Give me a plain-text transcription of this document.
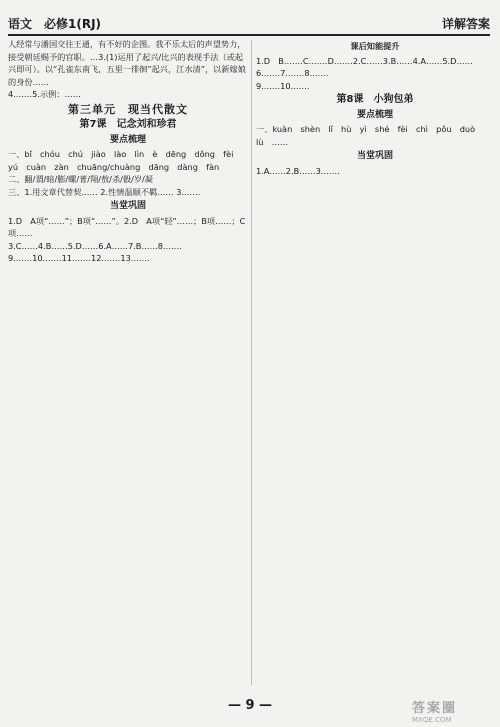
语文　必修1(RJ)	详解答案

人经常与潘国交往王通，有不好的企图。我不乐太后的声望势力，接受朝廷赐予的官职。…3.(1)运用了起兴/比兴的表现手法（或起兴即可）。以“孔雀东南飞，五里一徘徊”起兴，江水清”，以新嫁娘的身份……

4.……5.示例：……

第三单元　现当代散文
第7课　记念刘和珍君
要点梳理

一、bǐ　chóu　chú　jiào　lào　lìn　è　dēng　dǒng　fèi　yú　cuàn　zàn　chuāng/chuàng　dāng　dàng　fàn

二、翻/谓/暗/膨/螺/菁/翔/敖/杀/骰/岁/凝

三、1.用文章代替契…… 2.性情温顺不羁…… 3.……

当堂巩固

1.D　A项“……”；B项“……”。2.D　A项“轻”……；B项……；C项……

3.C……4.B……5.D……6.A……7.B……8.……

9.……10.……11.……12.……13.……

课后知能提升

1.D　B.……C.……D.……2.C……3.B……4.A……5.D……

6.……7.……8.……

9.……10.……

第8课　小狗包弟
要点梳理

一、kuàn　shèn　lǐ　hù　yì　shé　fèi　chì　pǒu　duò　lù　……

当堂巩固

1.A……2.B……3.……

— 9 —	答案圈
MXQE.COM
